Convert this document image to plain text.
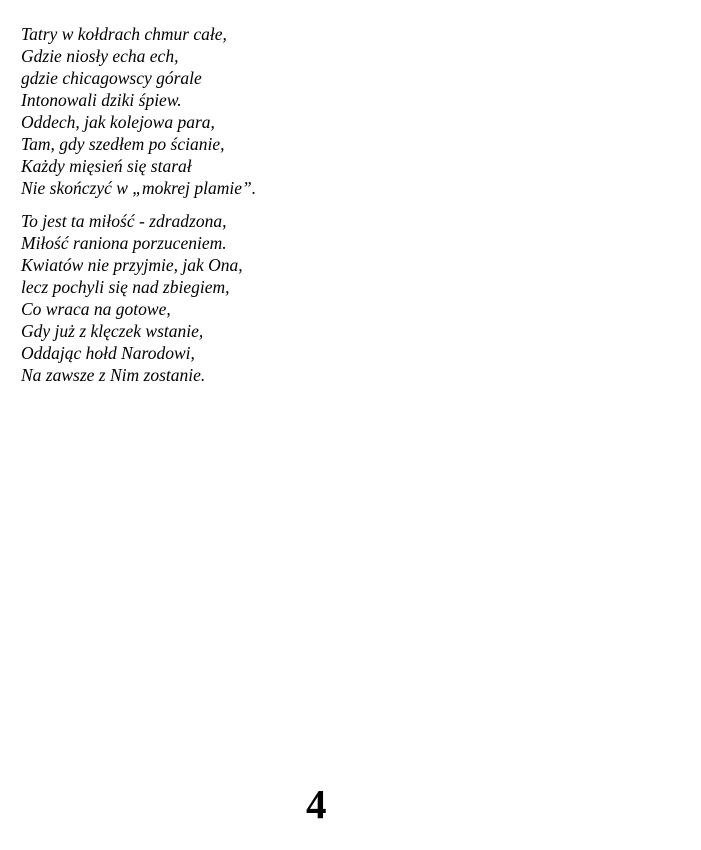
Tatry w kołdrach chmur całe,
Gdzie niosły echa ech,
gdzie chicagowscy górale
Intonowali dziki śpiew.
Oddech, jak kolejowa para,
Tam, gdy szedłem po ścianie,
Każdy mięsień się starał
Nie skończyć w „mokrej plamie”.

To jest ta miłość - zdradzona,
Miłość raniona porzuceniem.
Kwiatów nie przyjmie, jak Ona,
lecz pochyli się nad zbiegiem,
Co wraca na gotowe,
Gdy już z klęczek wstanie,
Oddając hołd Narodowi,
Na zawsze z Nim zostanie.

4
